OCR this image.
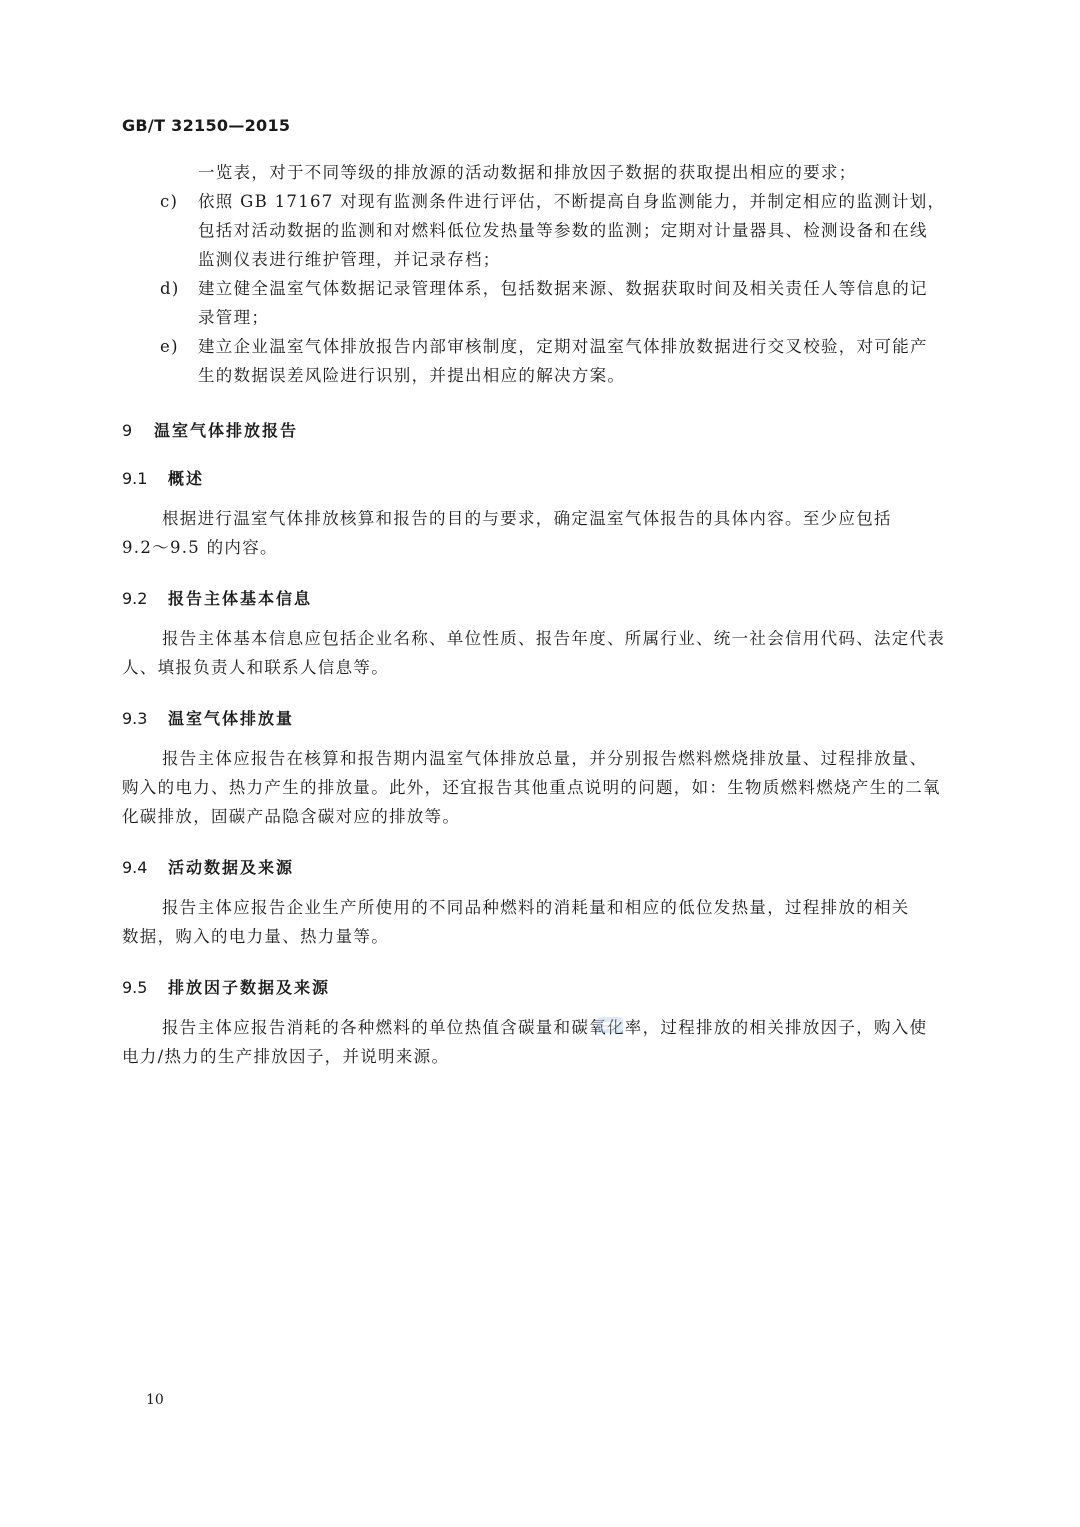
GB/T 32150—2015

一览表，对于不同等级的排放源的活动数据和排放因子数据的获取提出相应的要求；

c)	依照 GB 17167 对现有监测条件进行评估，不断提高自身监测能力，并制定相应的监测计划，
包括对活动数据的监测和对燃料低位发热量等参数的监测；定期对计量器具、检测设备和在线
监测仪表进行维护管理，并记录存档；
d)	建立健全温室气体数据记录管理体系，包括数据来源、数据获取时间及相关责任人等信息的记
录管理；
e)	建立企业温室气体排放报告内部审核制度，定期对温室气体排放数据进行交叉校验，对可能产
生的数据误差风险进行识别，并提出相应的解决方案。
9	温室气体排放报告
9.1	概述

根据进行温室气体排放核算和报告的目的与要求，确定温室气体报告的具体内容。至少应包括

9.2～9.5 的内容。

9.2	报告主体基本信息

报告主体基本信息应包括企业名称、单位性质、报告年度、所属行业、统一社会信用代码、法定代表

人、填报负责人和联系人信息等。

9.3	温室气体排放量

报告主体应报告在核算和报告期内温室气体排放总量，并分别报告燃料燃烧排放量、过程排放量、

购入的电力、热力产生的排放量。此外，还宜报告其他重点说明的问题，如：生物质燃料燃烧产生的二氧

化碳排放，固碳产品隐含碳对应的排放等。

9.4	活动数据及来源

报告主体应报告企业生产所使用的不同品种燃料的消耗量和相应的低位发热量，过程排放的相关

数据，购入的电力量、热力量等。

9.5	排放因子数据及来源

报告主体应报告消耗的各种燃料的单位热值含碳量和碳氧化率，过程排放的相关排放因子，购入使

电力/热力的生产排放因子，并说明来源。

10
